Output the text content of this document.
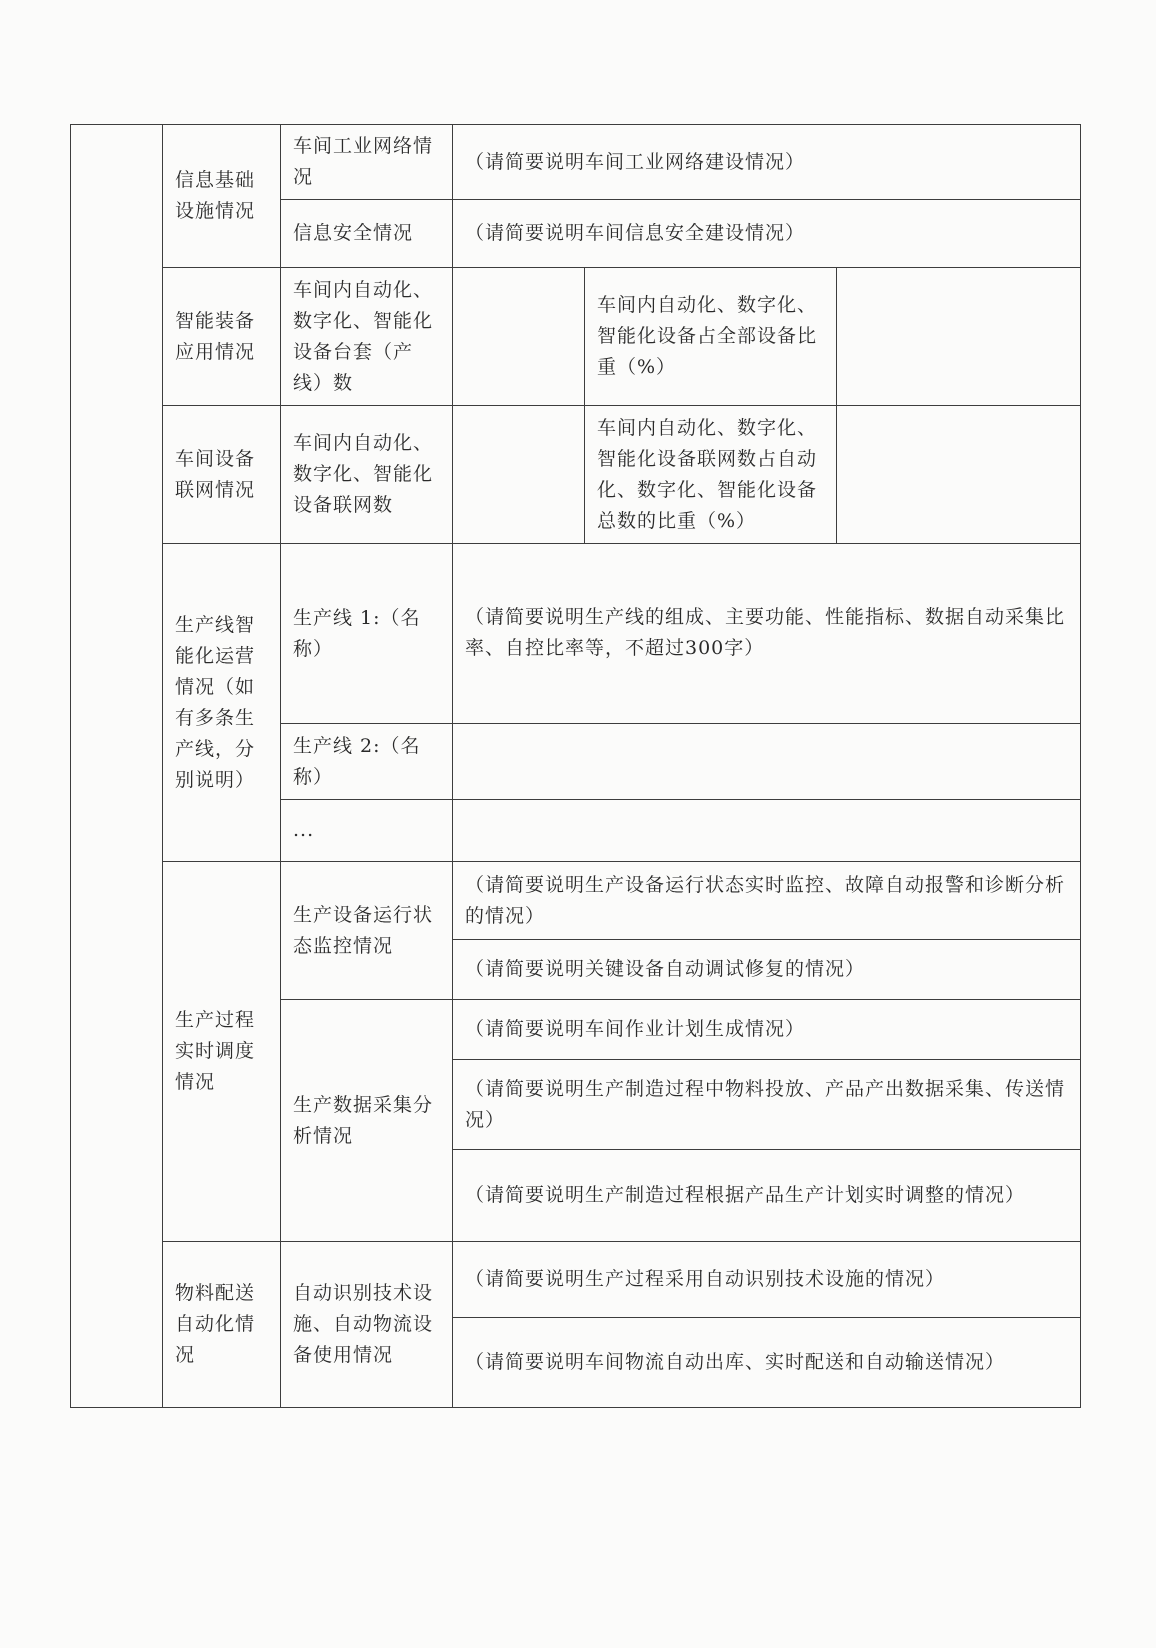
	信息基础设施情况	车间工业网络情况	（请简要说明车间工业网络建设情况）		
		信息安全情况	（请简要说明车间信息安全建设情况）		
	智能装备应用情况	车间内自动化、数字化、智能化设备台套（产线）数		车间内自动化、数字化、智能化设备占全部设备比重（%）	
	车间设备联网情况	车间内自动化、数字化、智能化设备联网数		车间内自动化、数字化、智能化设备联网数占自动化、数字化、智能化设备总数的比重（%）	
	生产线智能化运营情况（如有多条生产线，分别说明）	生产线 1:（名称）	（请简要说明生产线的组成、主要功能、性能指标、数据自动采集比率、自控比率等，不超过300字）		
		生产线 2:（名称）			
		...			
	生产过程实时调度情况	生产设备运行状态监控情况	（请简要说明生产设备运行状态实时监控、故障自动报警和诊断分析的情况）		
			（请简要说明关键设备自动调试修复的情况）		
		生产数据采集分析情况	（请简要说明车间作业计划生成情况）		
			（请简要说明生产制造过程中物料投放、产品产出数据采集、传送情况）		
			（请简要说明生产制造过程根据产品生产计划实时调整的情况）		
	物料配送自动化情况	自动识别技术设施、自动物流设备使用情况	（请简要说明生产过程采用自动识别技术设施的情况）		
			（请简要说明车间物流自动出库、实时配送和自动输送情况）		
